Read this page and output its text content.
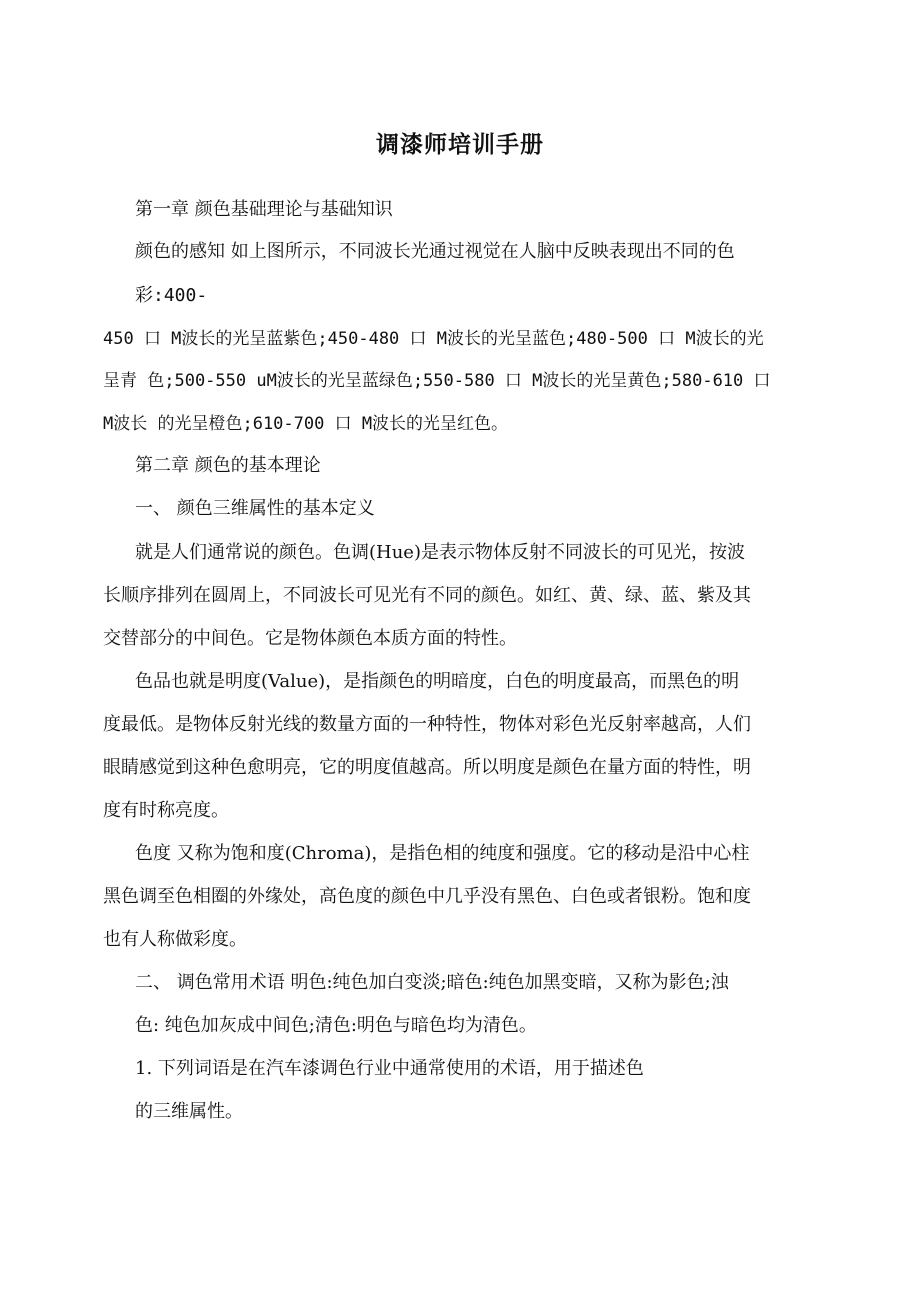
调漆师培训手册
第一章 颜色基础理论与基础知识
颜色的感知 如上图所示，不同波长光通过视觉在人脑中反映表现出不同的色
彩:400-
450 口 M波长的光呈蓝紫色;450-480 口 M波长的光呈蓝色;480-500 口 M波长的光
呈青 色;500-550 uM波长的光呈蓝绿色;550-580 口 M波长的光呈黄色;580-610 口
M波长 的光呈橙色;610-700 口 M波长的光呈红色。
第二章 颜色的基本理论
一、 颜色三维属性的基本定义
就是人们通常说的颜色。色调(Hue)是表示物体反射不同波长的可见光，按波
长顺序排列在圆周上，不同波长可见光有不同的颜色。如红、黄、绿、蓝、紫及其
交替部分的中间色。它是物体颜色本质方面的特性。
色品也就是明度(Value)，是指颜色的明暗度，白色的明度最高，而黑色的明
度最低。是物体反射光线的数量方面的一种特性，物体对彩色光反射率越高，人们
眼睛感觉到这种色愈明亮，它的明度值越高。所以明度是颜色在量方面的特性，明
度有时称亮度。
色度 又称为饱和度(Chroma)，是指色相的纯度和强度。它的移动是沿中心柱
黑色调至色相圈的外缘处，高色度的颜色中几乎没有黑色、白色或者银粉。饱和度
也有人称做彩度。
二、 调色常用术语 明色:纯色加白变淡;暗色:纯色加黑变暗，又称为影色;浊
色: 纯色加灰成中间色;清色:明色与暗色均为清色。
1. 下列词语是在汽车漆调色行业中通常使用的术语，用于描述色
的三维属性。
